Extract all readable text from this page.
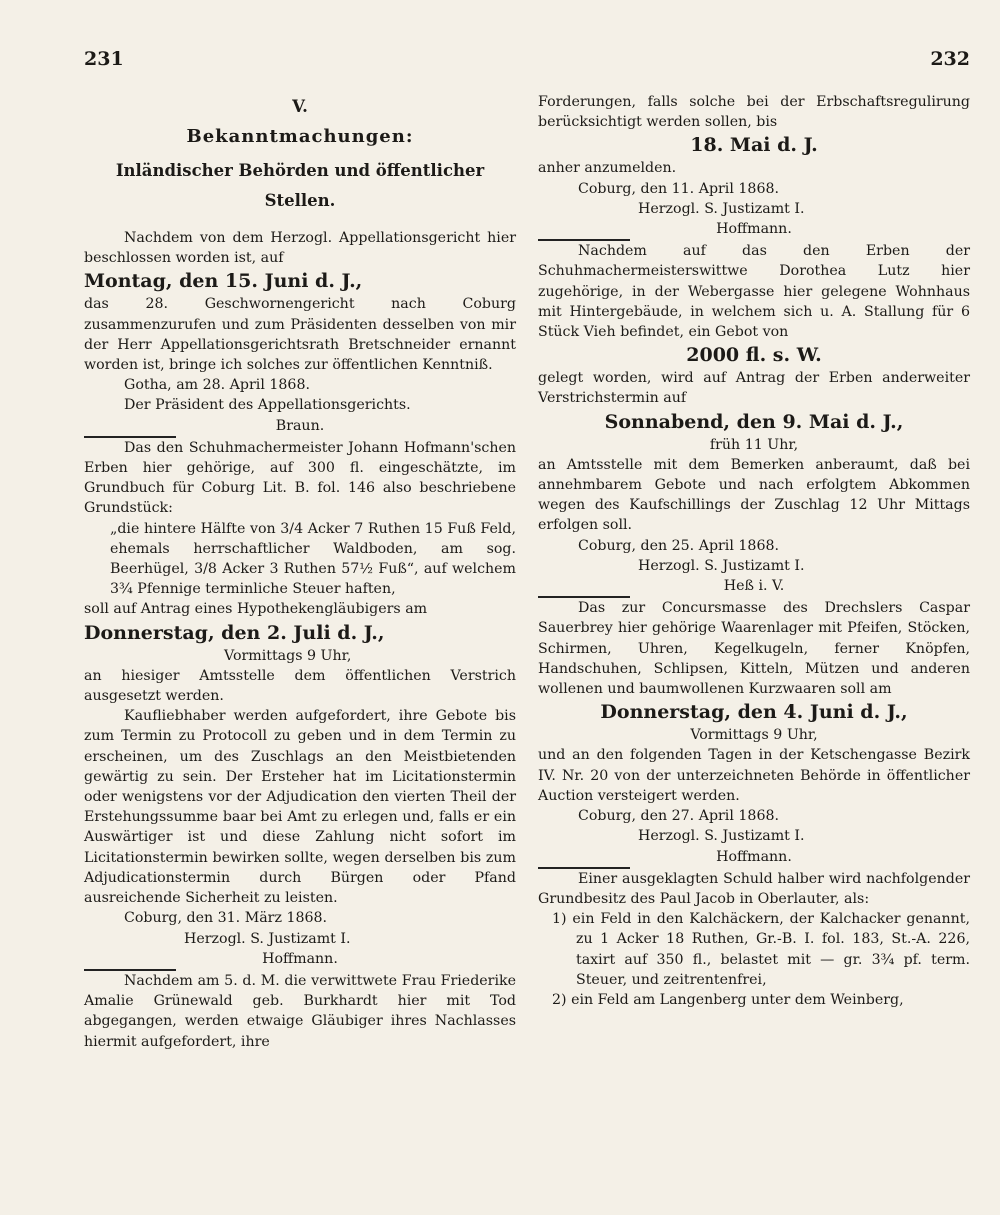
231	232
V.
Bekanntmachungen:
Inländischer Behörden und öffentlicher Stellen.
Nachdem von dem Herzogl. Appellationsgericht hier beschlossen worden ist, auf
Montag, den 15. Juni d. J.,
das 28. Geschwornengericht nach Coburg zusammenzurufen und zum Präsidenten desselben von mir der Herr Appellationsgerichtsrath Bretschneider ernannt worden ist, bringe ich solches zur öffentlichen Kenntniß.
Gotha, am 28. April 1868.
Der Präsident des Appellationsgerichts.
Braun.
Das den Schuhmachermeister Johann Hofmann'schen Erben hier gehörige, auf 300 fl. eingeschätzte, im Grundbuch für Coburg Lit. B. fol. 146 also beschriebene Grundstück:
„die hintere Hälfte von 3/4 Acker 7 Ruthen 15 Fuß Feld, ehemals herrschaftlicher Waldboden, am sog. Beerhügel, 3/8 Acker 3 Ruthen 57½ Fuß“, auf welchem 3¾ Pfennige terminliche Steuer haften,
soll auf Antrag eines Hypothekengläubigers am
Donnerstag, den 2. Juli d. J.,
Vormittags 9 Uhr,
an hiesiger Amtsstelle dem öffentlichen Verstrich ausgesetzt werden.
Kaufliebhaber werden aufgefordert, ihre Gebote bis zum Termin zu Protocoll zu geben und in dem Termin zu erscheinen, um des Zuschlags an den Meistbietenden gewärtig zu sein. Der Ersteher hat im Licitationstermin oder wenigstens vor der Adjudication den vierten Theil der Erstehungssumme baar bei Amt zu erlegen und, falls er ein Auswärtiger ist und diese Zahlung nicht sofort im Licitationstermin bewirken sollte, wegen derselben bis zum Adjudicationstermin durch Bürgen oder Pfand ausreichende Sicherheit zu leisten.
Coburg, den 31. März 1868.
Herzogl. S. Justizamt I.
Hoffmann.
Nachdem am 5. d. M. die verwittwete Frau Friederike Amalie Grünewald geb. Burkhardt hier mit Tod abgegangen, werden etwaige Gläubiger ihres Nachlasses hiermit aufgefordert, ihre
Forderungen, falls solche bei der Erbschaftsregulirung berücksichtigt werden sollen, bis
18. Mai d. J.
anher anzumelden.
Coburg, den 11. April 1868.
Herzogl. S. Justizamt I.
Hoffmann.
Nachdem auf das den Erben der Schuhmachermeisterswittwe Dorothea Lutz hier zugehörige, in der Webergasse hier gelegene Wohnhaus mit Hintergebäude, in welchem sich u. A. Stallung für 6 Stück Vieh befindet, ein Gebot von
2000 fl. s. W.
gelegt worden, wird auf Antrag der Erben anderweiter Verstrichstermin auf
Sonnabend, den 9. Mai d. J.,
früh 11 Uhr,
an Amtsstelle mit dem Bemerken anberaumt, daß bei annehmbarem Gebote und nach erfolgtem Abkommen wegen des Kaufschillings der Zuschlag 12 Uhr Mittags erfolgen soll.
Coburg, den 25. April 1868.
Herzogl. S. Justizamt I.
Heß i. V.
Das zur Concursmasse des Drechslers Caspar Sauerbrey hier gehörige Waarenlager mit Pfeifen, Stöcken, Schirmen, Uhren, Kegelkugeln, ferner Knöpfen, Handschuhen, Schlipsen, Kitteln, Mützen und anderen wollenen und baumwollenen Kurzwaaren soll am
Donnerstag, den 4. Juni d. J.,
Vormittags 9 Uhr,
und an den folgenden Tagen in der Ketschengasse Bezirk IV. Nr. 20 von der unterzeichneten Behörde in öffentlicher Auction versteigert werden.
Coburg, den 27. April 1868.
Herzogl. S. Justizamt I.
Hoffmann.
Einer ausgeklagten Schuld halber wird nachfolgender Grundbesitz des Paul Jacob in Oberlauter, als:
1) ein Feld in den Kalchäckern, der Kalchacker genannt, zu 1 Acker 18 Ruthen, Gr.-B. I. fol. 183, St.-A. 226, taxirt auf 350 fl., belastet mit — gr. 3¾ pf. term. Steuer, und zeitrentenfrei,
2) ein Feld am Langenberg unter dem Weinberg,
